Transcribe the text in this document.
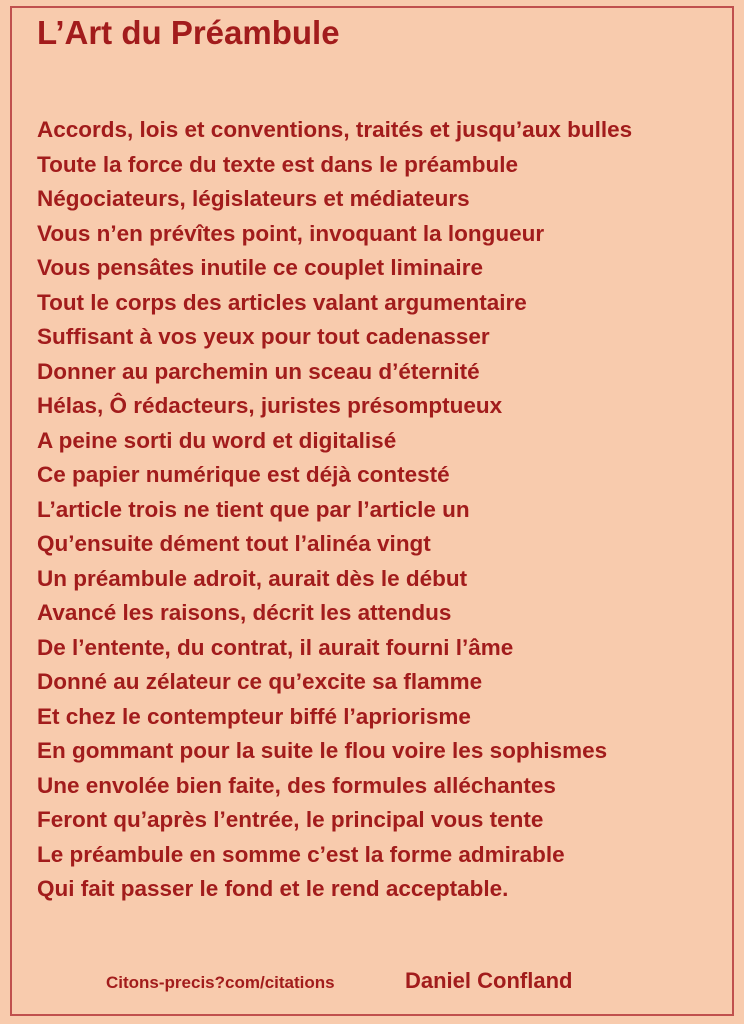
L’Art du Préambule
Accords, lois et conventions, traités et jusqu’aux bulles
Toute la force du texte est dans le préambule
Négociateurs, législateurs et médiateurs
Vous n’en prévîtes point, invoquant la longueur
Vous pensâtes inutile ce couplet liminaire
Tout le corps des articles valant argumentaire
Suffisant à vos yeux pour tout cadenasser
Donner au parchemin un sceau d’éternité
Hélas, Ô rédacteurs, juristes présomptueux
A peine sorti du word et digitalisé
Ce papier numérique est déjà contesté
L’article trois ne tient que par l’article un
Qu’ensuite dément tout l’alinéa vingt
Un préambule adroit, aurait dès le début
Avancé les raisons, décrit les attendus
De l’entente, du contrat, il aurait fourni l’âme
Donné au zélateur ce qu’excite sa flamme
Et chez le contempteur biffé l’apriorisme
En gommant pour la suite le flou voire les sophismes
Une envolée bien faite, des formules alléchantes
Feront qu’après l’entrée, le principal vous tente
Le préambule en somme c’est la forme admirable
Qui fait passer le fond et le rend acceptable.
Citons-precis?com/citations	Daniel Confland
